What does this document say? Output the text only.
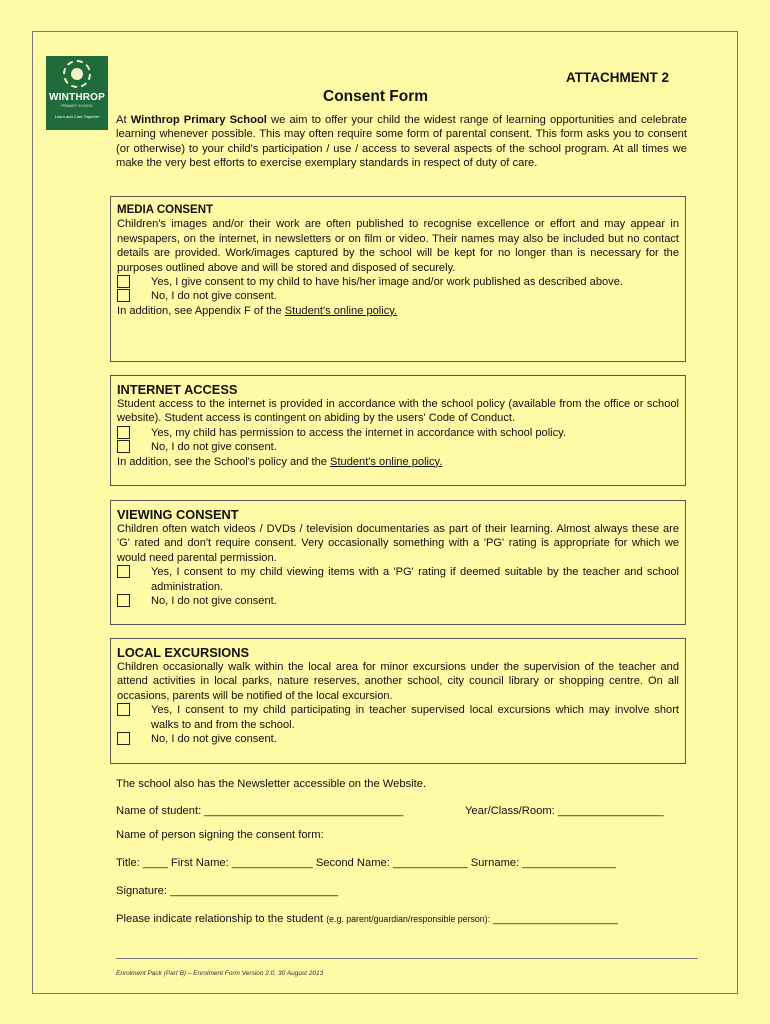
WINTHROP
PRIMARY SCHOOL
Learn and Care Together
ATTACHMENT 2
Consent Form
At Winthrop Primary School we aim to offer your child the widest range of learning opportunities and celebrate learning whenever possible. This may often require some form of parental consent. This form asks you to consent (or otherwise) to your child's participation / use / access to several aspects of the school program. At all times we make the very best efforts to exercise exemplary standards in respect of duty of care.
MEDIA CONSENT

Children's images and/or their work are often published to recognise excellence or effort and may appear in newspapers, on the internet, in newsletters or on film or video. Their names may also be included but no contact details are provided. Work/images captured by the school will be kept for no longer than is necessary for the purposes outlined above and will be stored and disposed of securely.

Yes, I give consent to my child to have his/her image and/or work published as described above.
No, I do not give consent.

In addition, see Appendix F of the Student's online policy.

INTERNET ACCESS

Student access to the internet is provided in accordance with the school policy (available from the office or school website). Student access is contingent on abiding by the users' Code of Conduct.

Yes, my child has permission to access the internet in accordance with school policy.
No, I do not give consent.

In addition, see the School's policy and the Student's online policy.

VIEWING CONSENT

Children often watch videos / DVDs / television documentaries as part of their learning. Almost always these are 'G' rated and don't require consent. Very occasionally something with a 'PG' rating is appropriate for which we would need parental permission.

Yes, I consent to my child viewing items with a 'PG' rating if deemed suitable by the teacher and school administration.
No, I do not give consent.
LOCAL EXCURSIONS

Children occasionally walk within the local area for minor excursions under the supervision of the teacher and attend activities in local parks, nature reserves, another school, city council library or shopping centre. On all occasions, parents will be notified of the local excursion.

Yes, I consent to my child participating in teacher supervised local excursions which may involve short walks to and from the school.
No, I do not give consent.
The school also has the Newsletter accessible on the Website.
Name of student: ________________________________	Year/Class/Room: _________________
Name of person signing the consent form:
Title: ____ First Name: _____________ Second Name: ____________ Surname: _______________
Signature: ___________________________
Please indicate relationship to the student (e.g. parent/guardian/responsible person): ____________________
Enrolment Pack (Part B) – Enrolment Form Version 2.0, 30 August 2013
